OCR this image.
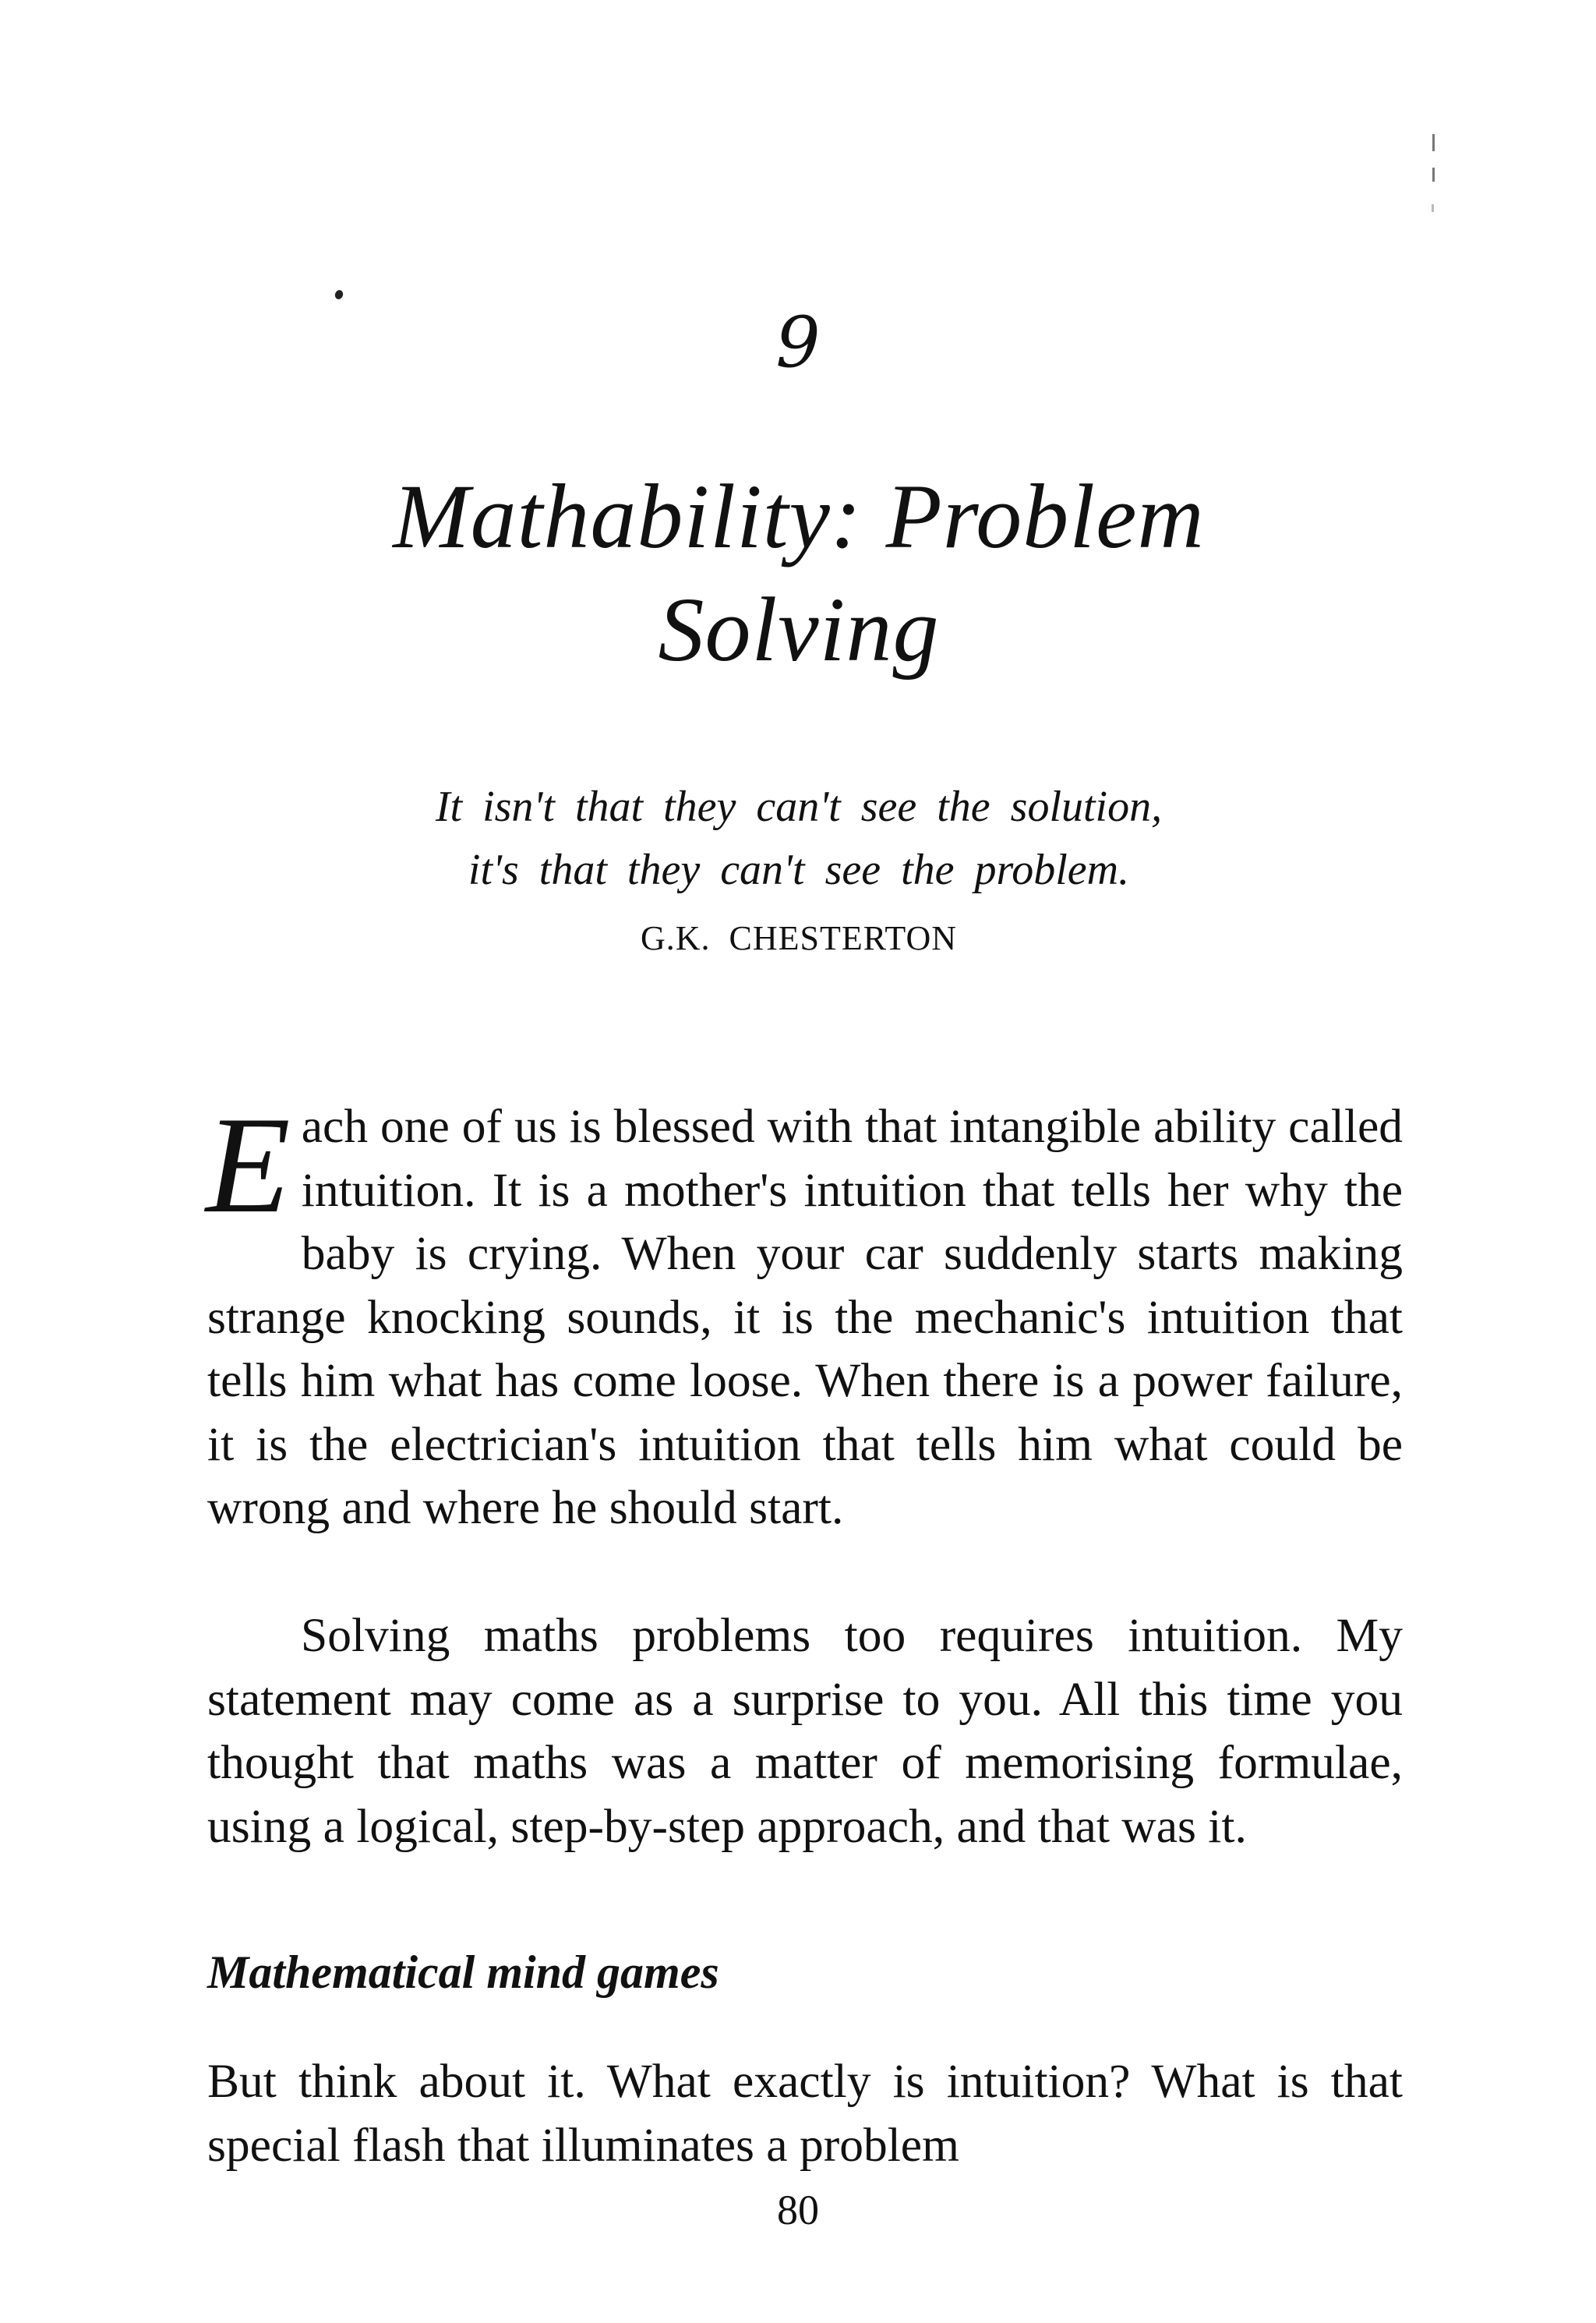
9
Mathability: Problem Solving
It isn't that they can't see the solution,
it's that they can't see the problem.
G.K. CHESTERTON

Each one of us is blessed with that intangible ability called intuition. It is a mother's intuition that tells her why the baby is crying. When your car suddenly starts making strange knocking sounds, it is the mechanic's intuition that tells him what has come loose. When there is a power failure, it is the electrician's intuition that tells him what could be wrong and where he should start.

Solving maths problems too requires intuition. My statement may come as a surprise to you. All this time you thought that maths was a matter of memorising formulae, using a logical, step-by-step approach, and that was it.

Mathematical mind games

But think about it. What exactly is intuition? What is that special flash that illuminates a problem

80
